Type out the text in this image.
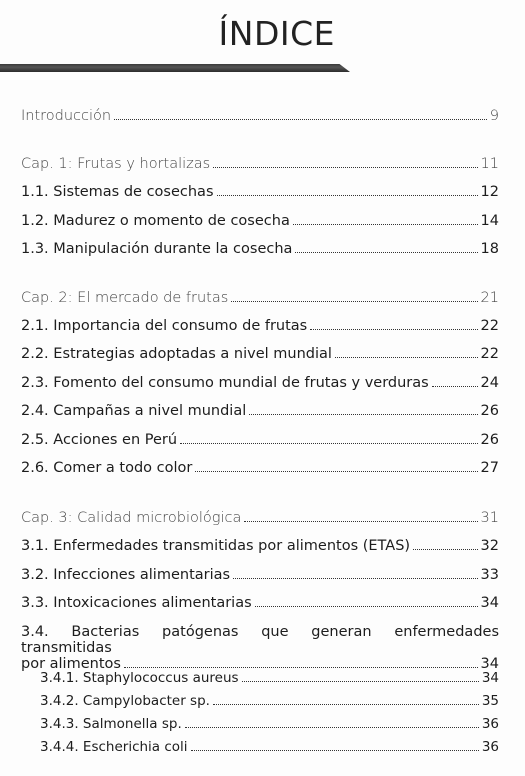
ÍNDICE
Introducción	9
Cap. 1: Frutas y hortalizas	11
1.1. Sistemas de cosechas	12
1.2. Madurez o momento de cosecha	14
1.3. Manipulación durante la cosecha	18
Cap. 2: El mercado de frutas	21
2.1. Importancia del consumo de frutas	22
2.2. Estrategias adoptadas a nivel mundial	22
2.3. Fomento del consumo mundial de frutas y verduras	24
2.4. Campañas a nivel mundial	26
2.5. Acciones en Perú	26
2.6. Comer a todo color	27
Cap. 3: Calidad microbiológica	31
3.1. Enfermedades transmitidas por alimentos (ETAS)	32
3.2. Infecciones alimentarias	33
3.3. Intoxicaciones alimentarias	34
3.4. Bacterias patógenas que generan enfermedades transmitidas
por alimentos	34
3.4.1. Staphylococcus aureus	34
3.4.2. Campylobacter sp.	35
3.4.3. Salmonella sp.	36
3.4.4. Escherichia coli	36
